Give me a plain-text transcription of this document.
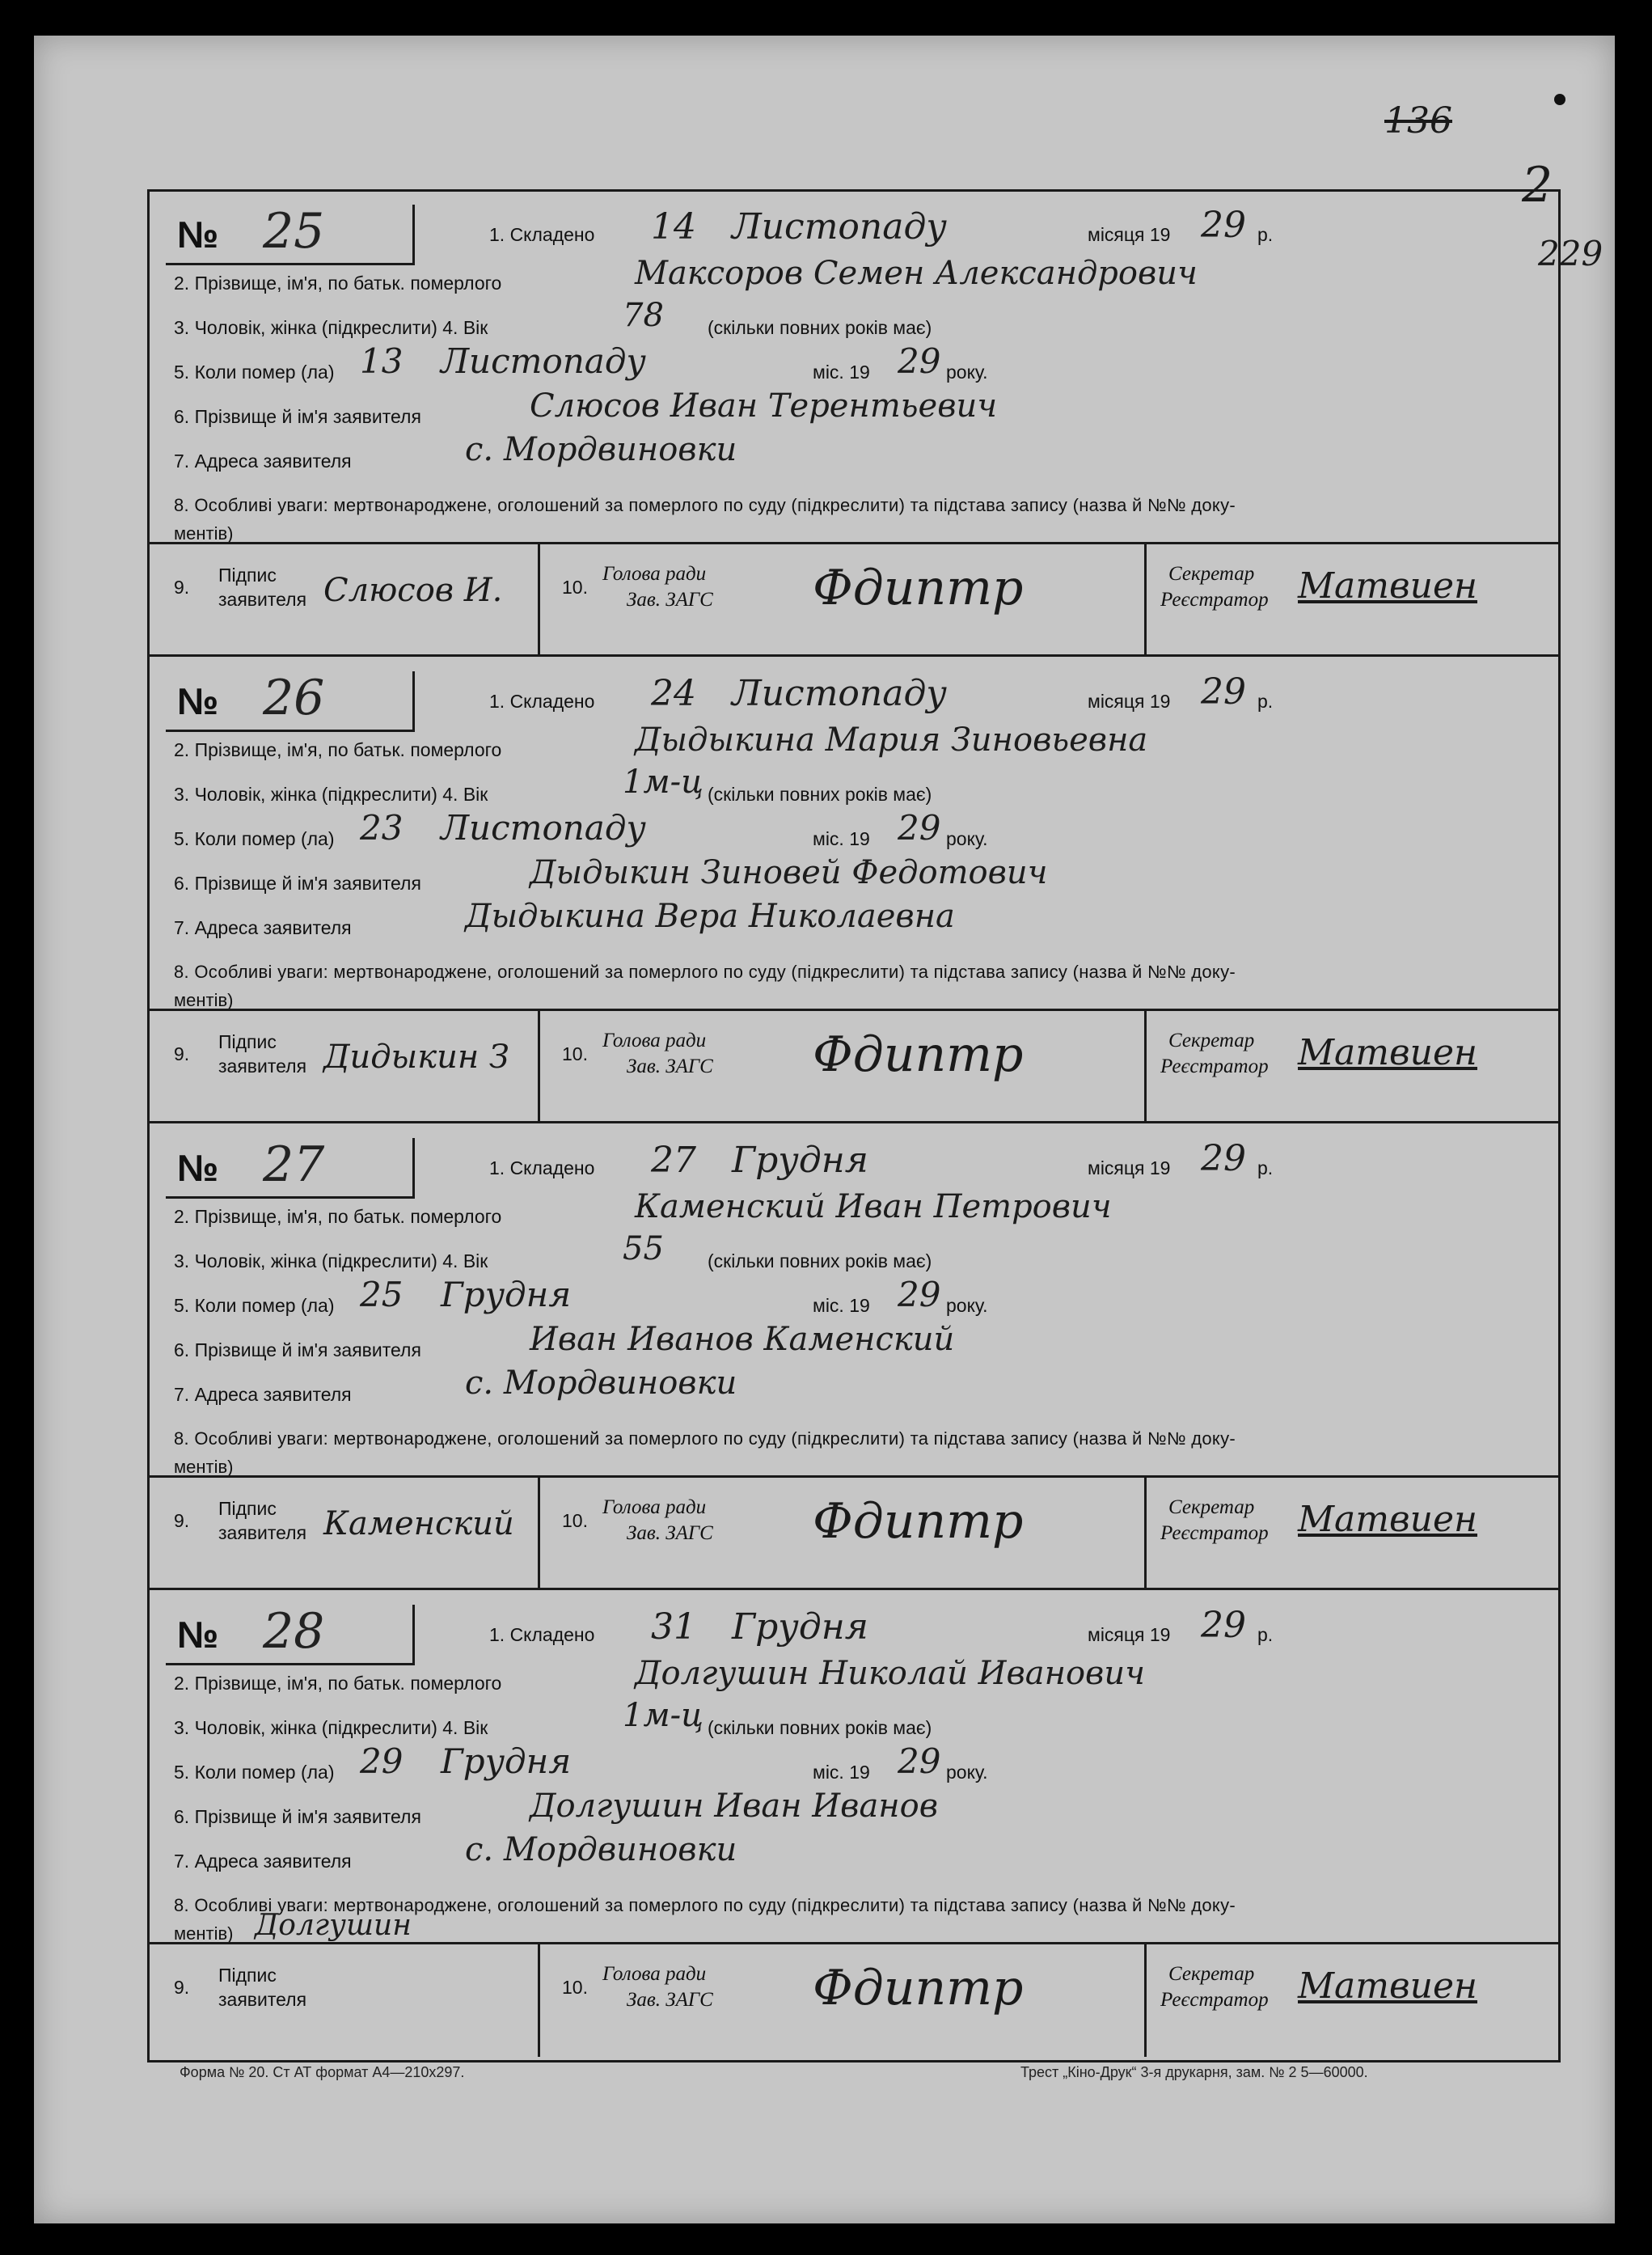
136
2
229
№ 25	1. Складено 14 Листопаду	місяця 19 29 р.
2. Прізвище, ім'я, по батьк. померлого	Максоров Семен Александрович
3. Чоловік, жінка (підкреслити) 4. Вік	78 (скільки повних років має)
5. Коли помер (ла) 13 Листопаду	міс. 19 29 року.
6. Прізвище й ім'я заявителя	Слюсов Иван Терентьевич
7. Адреса заявителя	с. Мордвиновки
8. Особливі уваги: мертвонароджене, оголошений за померлого по суду (підкреслити) та підстава запису (назва й №№ доку-
ментів)
9.
Підпис
заявителя Слюсов И.	10.
Голова ради
Зав. ЗАГС Фдиптр	Секретар
Реєстратор Матвиен
№ 26	1. Складено 24 Листопаду	місяця 19 29 р.
2. Прізвище, ім'я, по батьк. померлого	Дыдыкина Мария Зиновьевна
3. Чоловік, жінка (підкреслити) 4. Вік	1м-ц (скільки повних років має)
5. Коли помер (ла) 23 Листопаду	міс. 19 29 року.
6. Прізвище й ім'я заявителя	Дыдыкин Зиновей Федотович
7. Адреса заявителя	Дыдыкина Вера Николаевна
8. Особливі уваги: мертвонароджене, оголошений за померлого по суду (підкреслити) та підстава запису (назва й №№ доку-
ментів)
9.
Підпис
заявителя Дидыкин З	10.
Голова ради
Зав. ЗАГС Фдиптр	Секретар
Реєстратор Матвиен
№ 27	1. Складено 27 Грудня	місяця 19 29 р.
2. Прізвище, ім'я, по батьк. померлого	Каменский Иван Петрович
3. Чоловік, жінка (підкреслити) 4. Вік	55 (скільки повних років має)
5. Коли помер (ла) 25 Грудня	міс. 19 29 року.
6. Прізвище й ім'я заявителя	Иван Иванов Каменский
7. Адреса заявителя	с. Мордвиновки
8. Особливі уваги: мертвонароджене, оголошений за померлого по суду (підкреслити) та підстава запису (назва й №№ доку-
ментів)
9.
Підпис
заявителя Каменский	10.
Голова ради
Зав. ЗАГС Фдиптр	Секретар
Реєстратор Матвиен
№ 28	1. Складено 31 Грудня	місяця 19 29 р.
2. Прізвище, ім'я, по батьк. померлого	Долгушин Николай Иванович
3. Чоловік, жінка (підкреслити) 4. Вік	1м-ц (скільки повних років має)
5. Коли помер (ла) 29 Грудня	міс. 19 29 року.
6. Прізвище й ім'я заявителя	Долгушин Иван Иванов
7. Адреса заявителя	с. Мордвиновки
8. Особливі уваги: мертвонароджене, оголошений за померлого по суду (підкреслити) та підстава запису (назва й №№ доку-
ментів) Долгушин
9.
Підпис
заявителя
10.
Голова ради
Зав. ЗАГС Фдиптр	Секретар
Реєстратор Матвиен
Форма № 20. Ст АТ формат А4—210х297.	Трест „Кіно-Друк“ 3-я друкарня, зам. № 2 5—60000.
